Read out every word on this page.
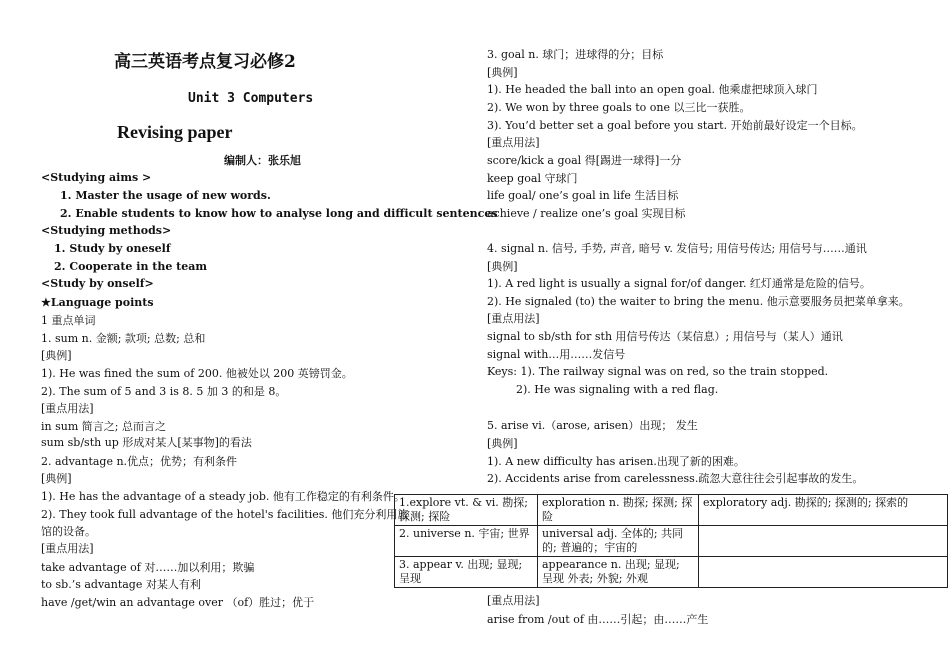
高三英语考点复习必修2
Unit 3 Computers
Revising paper
编制人：张乐旭
<Studying aims >
1. Master the usage of new words.
2. Enable students to know how to analyse long and difficult sentences
<Studying methods>
1. Study by oneself
2. Cooperate in the team
<Study by onself>
★Language points
1 重点单词
1. sum n. 金额; 款项; 总数; 总和
[典例]
1). He was fined the sum of 200. 他被处以 200 英镑罚金。
2). The sum of 5 and 3 is 8. 5 加 3 的和是 8。
[重点用法]
in sum 简言之; 总而言之
sum sb/sth up 形成对某人[某事物]的看法
2. advantage n.优点；优势；有利条件
[典例]
1). He has the advantage of a steady job. 他有工作稳定的有利条件。
2). They took full advantage of the hotel's facilities. 他们充分利用旅
馆的设备。
[重点用法]
take advantage of 对……加以利用；欺骗
to sb.’s advantage 对某人有利
have /get/win an advantage over （of）胜过；优于
3. goal n. 球门；进球得的分；目标
[典例]
1). He headed the ball into an open goal. 他乘虚把球顶入球门
2). We won by three goals to one 以三比一获胜。
3). You’d better set a goal before you start. 开始前最好设定一个目标。
[重点用法]
score/kick a goal 得[踢进一球得]一分
keep goal 守球门
life goal/ one’s goal in life 生活目标
achieve / realize one’s goal 实现目标
4. signal n. 信号, 手势, 声音, 暗号 v. 发信号; 用信号传达; 用信号与……通讯
[典例]
1). A red light is usually a signal for/of danger. 红灯通常是危险的信号。
2). He signaled (to) the waiter to bring the menu. 他示意要服务员把菜单拿来。
[重点用法]
signal to sb/sth for sth 用信号传达（某信息）; 用信号与（某人）通讯
signal with…用……发信号
Keys: 1). The railway signal was on red, so the train stopped.
2). He was signaling with a red flag.
5. arise vi.（arose, arisen）出现； 发生
[典例]
1). A new difficulty has arisen.出现了新的困难。
2). Accidents arise from carelessness.疏忽大意往往会引起事故的发生。
1.explore vt. & vi. 勘探; 探测; 探险	exploration n. 勘探; 探测; 探险	exploratory adj. 勘探的; 探测的; 探索的
2. universe n. 宇宙; 世界	universal adj. 全体的; 共同的; 普遍的；宇宙的	
3. appear v. 出现; 显现; 呈现	appearance n. 出现; 显现; 呈现 外表; 外貌; 外观	
[重点用法]
arise from /out of 由……引起；由……产生
